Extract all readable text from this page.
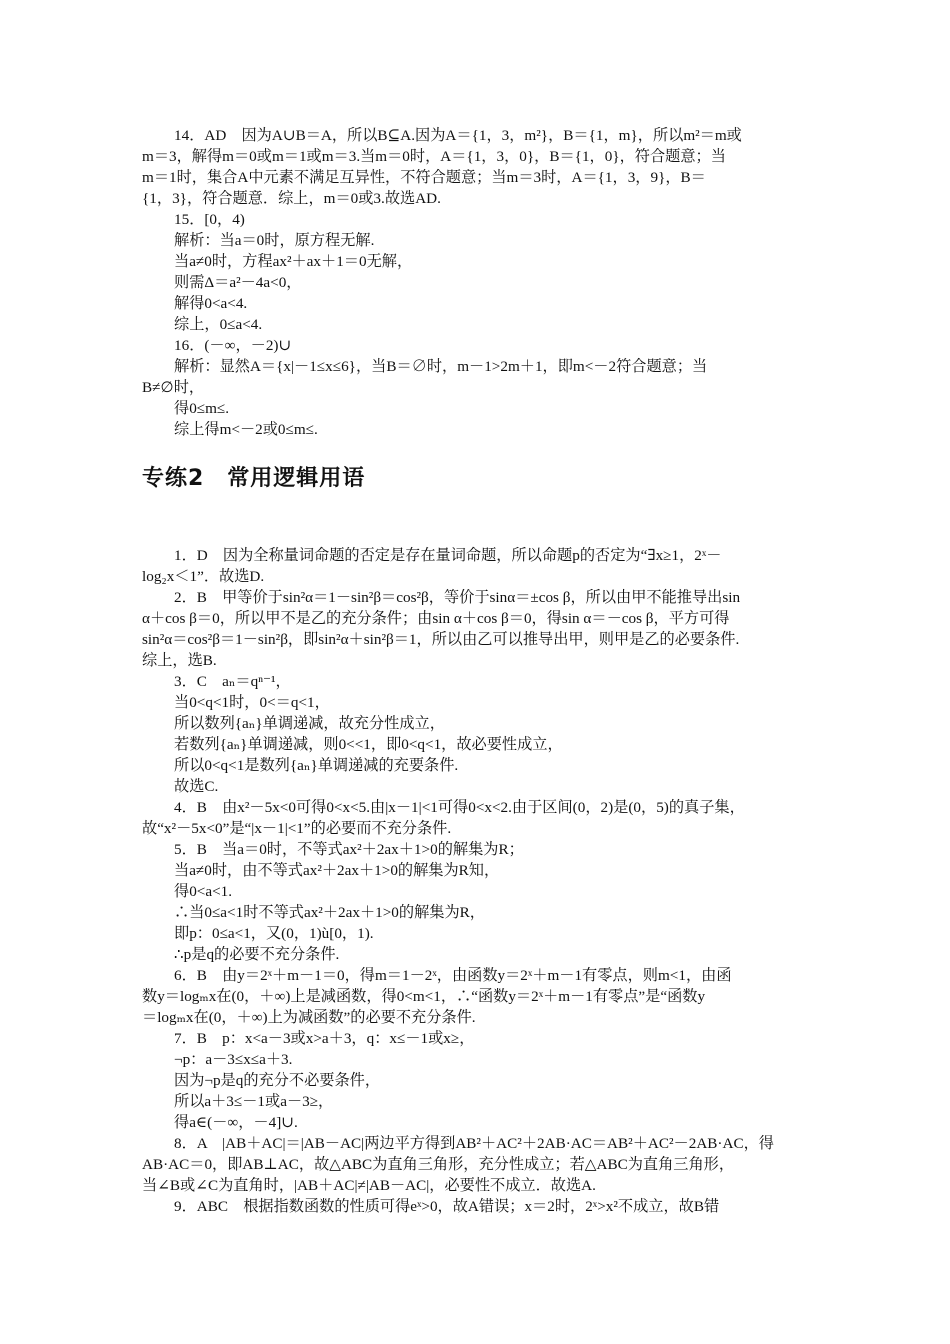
14．AD　因为A∪B＝A，所以B⊆A.因为A＝{1，3，m²}，B＝{1，m}，所以m²＝m或
m＝3，解得m＝0或m＝1或m＝3.当m＝0时，A＝{1，3，0}，B＝{1，0}，符合题意；当
m＝1时，集合A中元素不满足互异性，不符合题意；当m＝3时，A＝{1，3，9}，B＝
{1，3}，符合题意．综上，m＝0或3.故选AD.
15．[0，4)
解析：当a＝0时，原方程无解.
当a≠0时，方程ax²＋ax＋1＝0无解，
则需Δ＝a²－4a<0，
解得0<a<4.
综上，0≤a<4.
16．(－∞，－2)∪
解析：显然A＝{x|－1≤x≤6}，当B＝∅时，m－1>2m＋1，即m<－2符合题意；当
B≠∅时，
得0≤m≤.
综上得m<－2或0≤m≤.
专练2　常用逻辑用语
1．D　因为全称量词命题的否定是存在量词命题，所以命题p的否定为“∃x≥1，2ˣ－
log₂x＜1”．故选D.
2．B　甲等价于sin²α＝1－sin²β＝cos²β，等价于sinα＝±cos β，所以由甲不能推导出sin
α＋cos β＝0，所以甲不是乙的充分条件；由sin α＋cos β＝0，得sin α＝－cos β，平方可得
sin²α＝cos²β＝1－sin²β，即sin²α＋sin²β＝1，所以由乙可以推导出甲，则甲是乙的必要条件.
综上，选B.
3．C　aₙ＝qⁿ⁻¹，
当0<q<1时，0<＝q<1，
所以数列{aₙ}单调递减，故充分性成立，
若数列{aₙ}单调递减，则0<<1，即0<q<1，故必要性成立，
所以0<q<1是数列{aₙ}单调递减的充要条件.
故选C.
4．B　由x²－5x<0可得0<x<5.由|x－1|<1可得0<x<2.由于区间(0，2)是(0，5)的真子集，
故“x²－5x<0”是“|x－1|<1”的必要而不充分条件.
5．B　当a＝0时，不等式ax²＋2ax＋1>0的解集为R；
当a≠0时，由不等式ax²＋2ax＋1>0的解集为R知，
得0<a<1.
∴当0≤a<1时不等式ax²＋2ax＋1>0的解集为R，
即p：0≤a<1，又(0，1)ù[0，1).
∴p是q的必要不充分条件.
6．B　由y＝2ˣ＋m－1＝0，得m＝1－2ˣ，由函数y＝2ˣ＋m－1有零点，则m<1，由函
数y＝logₘx在(0，＋∞)上是减函数，得0<m<1，∴“函数y＝2ˣ＋m－1有零点”是“函数y
＝logₘx在(0，＋∞)上为减函数”的必要不充分条件.
7．B　p：x<a－3或x>a＋3，q：x≤－1或x≥，
¬p：a－3≤x≤a＋3.
因为¬p是q的充分不必要条件，
所以a＋3≤－1或a－3≥，
得a∈(－∞，－4]∪.
8．A　|AB＋AC|＝|AB－AC|两边平方得到AB²＋AC²＋2AB·AC＝AB²＋AC²－2AB·AC，得
AB·AC＝0，即AB⊥AC，故△ABC为直角三角形，充分性成立；若△ABC为直角三角形，
当∠B或∠C为直角时，|AB＋AC|≠|AB－AC|，必要性不成立．故选A.
9．ABC　根据指数函数的性质可得eˣ>0，故A错误；x＝2时，2ˣ>x²不成立，故B错
